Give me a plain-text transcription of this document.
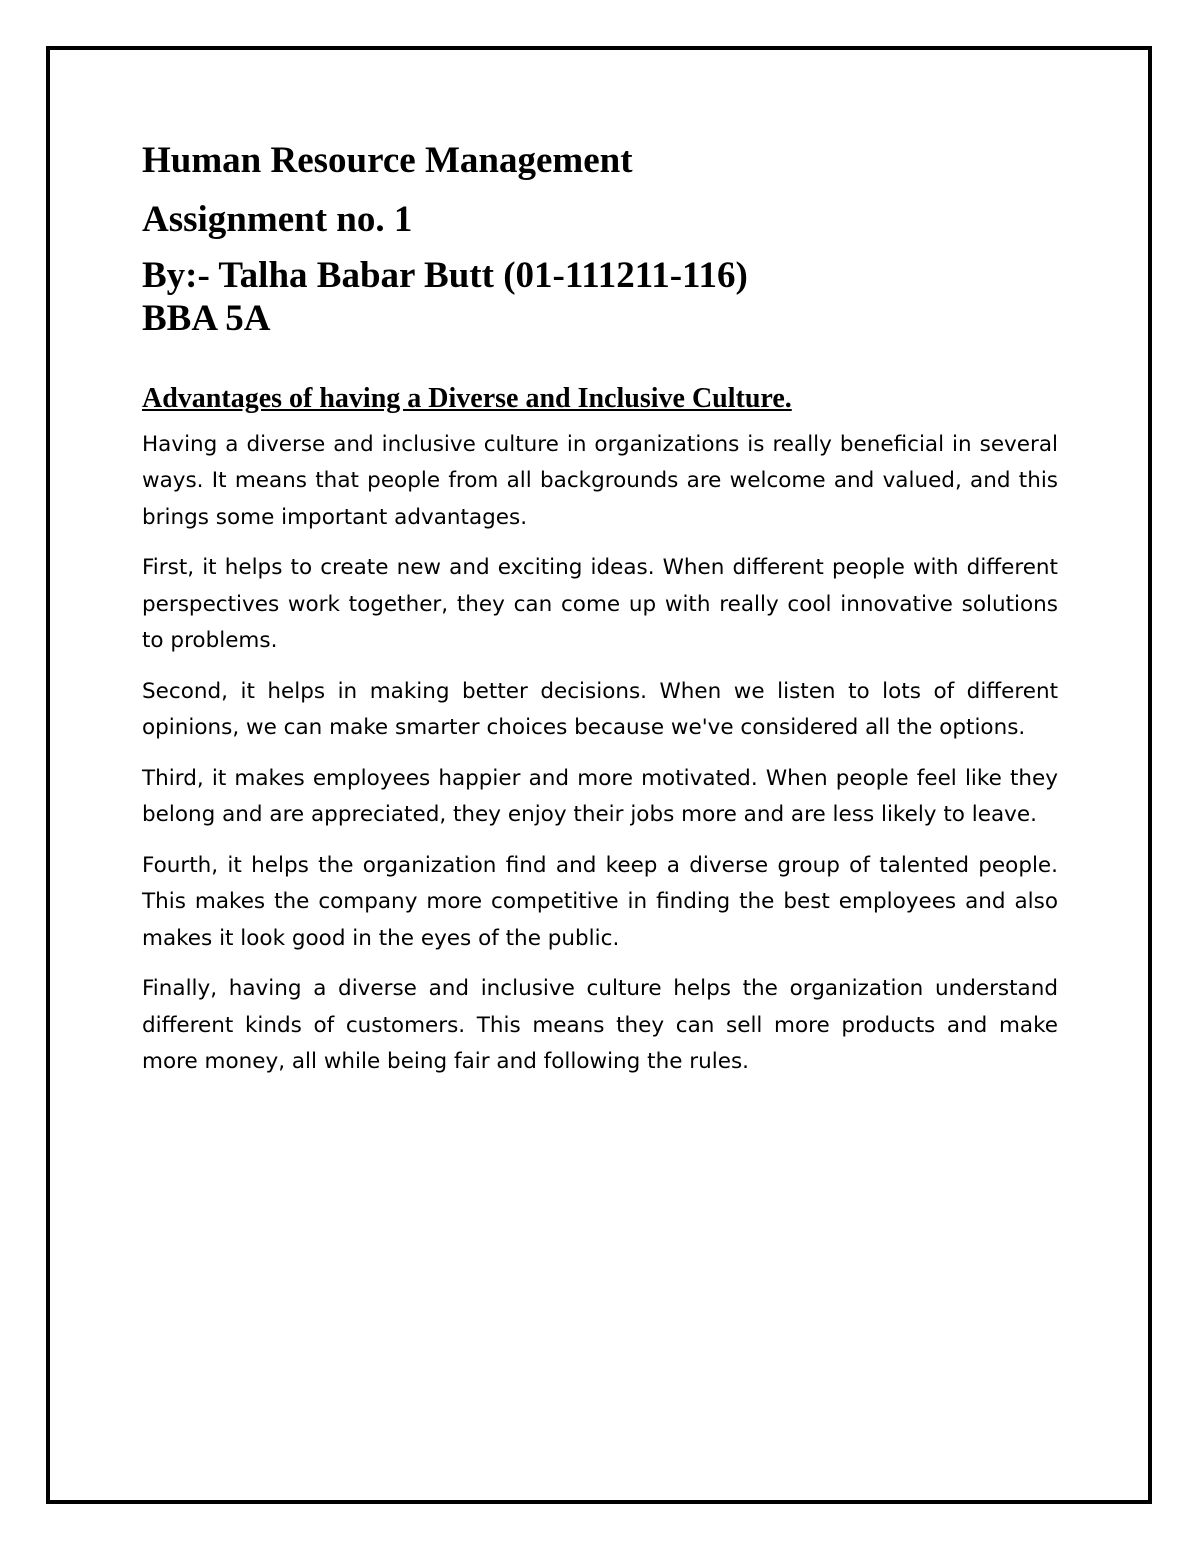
Human Resource Management

Assignment no. 1

By:- Talha Babar Butt (01-111211-116)

BBA 5A

Advantages of having a Diverse and Inclusive Culture.

Having a diverse and inclusive culture in organizations is really beneficial in several ways. It means that people from all backgrounds are welcome and valued, and this brings some important advantages.

First, it helps to create new and exciting ideas. When different people with different perspectives work together, they can come up with really cool innovative solutions to problems.

Second, it helps in making better decisions. When we listen to lots of different opinions, we can make smarter choices because we've considered all the options.

Third, it makes employees happier and more motivated. When people feel like they belong and are appreciated, they enjoy their jobs more and are less likely to leave.

Fourth, it helps the organization find and keep a diverse group of talented people. This makes the company more competitive in finding the best employees and also makes it look good in the eyes of the public.

Finally, having a diverse and inclusive culture helps the organization understand different kinds of customers. This means they can sell more products and make more money, all while being fair and following the rules.
